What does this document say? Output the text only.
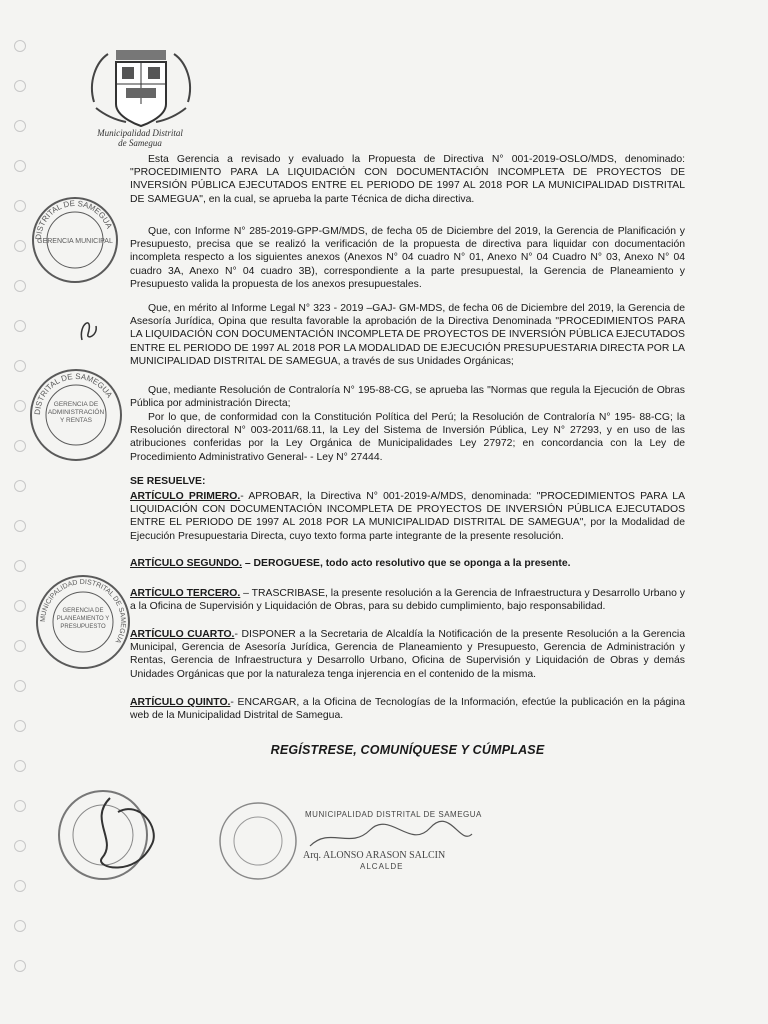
Municipalidad Distrital
de Samegua

Esta Gerencia a revisado y evaluado la Propuesta de Directiva N° 001-2019-OSLO/MDS, denominado: "PROCEDIMIENTO PARA LA LIQUIDACIÓN CON DOCUMENTACIÓN INCOMPLETA DE PROYECTOS DE INVERSIÓN PÚBLICA EJECUTADOS ENTRE EL PERIODO DE 1997 AL 2018 POR LA MUNICIPALIDAD DISTRITAL DE SAMEGUA", en la cual, se aprueba la parte Técnica de dicha directiva.

Que, con Informe N° 285-2019-GPP-GM/MDS, de fecha 05 de Diciembre del 2019, la Gerencia de Planificación y Presupuesto, precisa que se realizó la verificación de la propuesta de directiva para liquidar con documentación incompleta respecto a los siguientes anexos (Anexos N° 04 cuadro N° 01, Anexo N° 04 Cuadro N° 03, Anexo N° 04 cuadro 3A, Anexo N° 04 cuadro 3B), correspondiente a la parte presupuestal, la Gerencia de Planeamiento y Presupuesto valida la propuesta de los anexos presupuestales.

Que, en mérito al Informe Legal N° 323 - 2019 –GAJ- GM-MDS, de fecha 06 de Diciembre del 2019, la Gerencia de Asesoría Jurídica, Opina que resulta favorable la aprobación de la Directiva Denominada "PROCEDIMIENTOS PARA LA LIQUIDACIÓN CON DOCUMENTACIÓN INCOMPLETA DE PROYECTOS DE INVERSIÓN PÚBLICA EJECUTADOS ENTRE EL PERIODO DE 1997 AL 2018 POR LA MODALIDAD DE EJECUCIÓN PRESUPUESTARIA DIRECTA POR LA MUNICIPALIDAD DISTRITAL DE SAMEGUA, a través de sus Unidades Orgánicas;

Que, mediante Resolución de Contraloría N° 195-88-CG, se aprueba las "Normas que regula la Ejecución de Obras Pública por administración Directa;

Por lo que, de conformidad con la Constitución Política del Perú; la Resolución de Contraloría N° 195- 88-CG; la Resolución directoral N° 003-2011/68.11, la Ley del Sistema de Inversión Pública, Ley N° 27293, y en uso de las atribuciones conferidas por la Ley Orgánica de Municipalidades Ley 27972; en concordancia con la Ley de Procedimiento Administrativo General- - Ley N° 27444.

SE RESUELVE:
ARTÍCULO PRIMERO.- APROBAR, la Directiva N° 001-2019-A/MDS, denominada: "PROCEDIMIENTOS PARA LA LIQUIDACIÓN CON DOCUMENTACIÓN INCOMPLETA DE PROYECTOS DE INVERSIÓN PÚBLICA EJECUTADOS ENTRE EL PERIODO DE 1997 AL 2018 POR LA MUNICIPALIDAD DISTRITAL DE SAMEGUA", por la Modalidad de Ejecución Presupuestaria Directa, cuyo texto forma parte integrante de la presente resolución.
ARTÍCULO SEGUNDO. – DEROGUESE, todo acto resolutivo que se oponga a la presente.
ARTÍCULO TERCERO. – TRASCRIBASE, la presente resolución a la Gerencia de Infraestructura y Desarrollo Urbano y a la Oficina de Supervisión y Liquidación de Obras, para su debido cumplimiento, bajo responsabilidad.
ARTÍCULO CUARTO.- DISPONER a la Secretaria de Alcaldía la Notificación de la presente Resolución a la Gerencia Municipal, Gerencia de Asesoría Jurídica, Gerencia de Planeamiento y Presupuesto, Gerencia de Administración y Rentas, Gerencia de Infraestructura y Desarrollo Urbano, Oficina de Supervisión y Liquidación de Obras y demás Unidades Orgánicas que por la naturaleza tenga injerencia en el contenido de la misma.
ARTÍCULO QUINTO.- ENCARGAR, a la Oficina de Tecnologías de la Información, efectúe la publicación en la página web de la Municipalidad Distrital de Samegua.
REGÍSTRESE, COMUNÍQUESE Y CÚMPLASE
DISTRITAL DE SAMEGUA
GERENCIA MUNICIPAL
DISTRITAL DE SAMEGUA
GERENCIA DE ADMINISTRACIÓN Y RENTAS
MUNICIPALIDAD DISTRITAL DE SAMEGUA
GERENCIA DE PLANEAMIENTO Y PRESUPUESTO
MUNICIPALIDAD DISTRITAL DE SAMEGUA
Arq. ALONSO ARASON SALCIN
ALCALDE
